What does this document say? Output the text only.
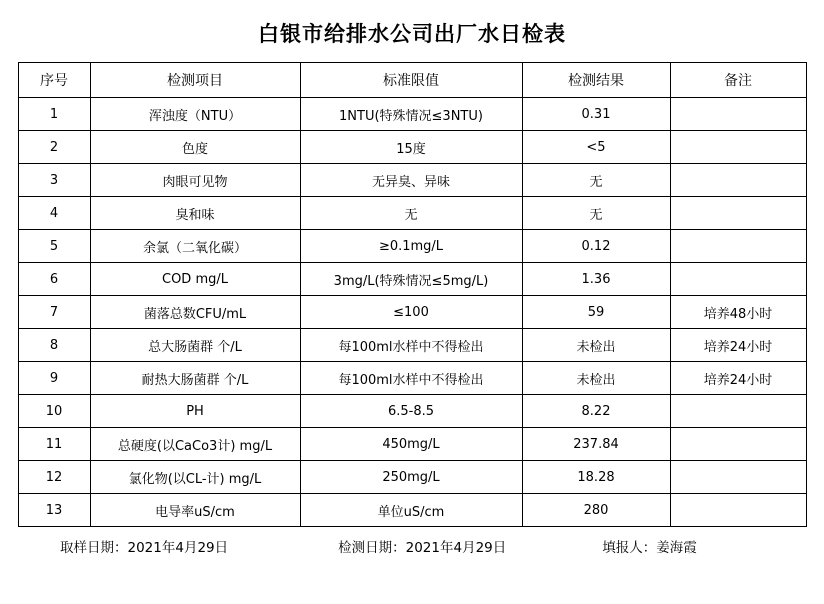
白银市给排水公司出厂水日检表
序号	检测项目	标准限值	检测结果	备注
1	浑浊度（NTU）	1NTU(特殊情况≤3NTU)	0.31	
2	色度	15度	<5	
3	肉眼可见物	无异臭、异味	无	
4	臭和味	无	无	
5	余氯（二氧化碳）	≥0.1mg/L	0.12	
6	COD mg/L	3mg/L(特殊情况≤5mg/L)	1.36	
7	菌落总数CFU/mL	≤100	59	培养48小时
8	总大肠菌群 个/L	每100ml水样中不得检出	未检出	培养24小时
9	耐热大肠菌群 个/L	每100ml水样中不得检出	未检出	培养24小时
10	PH	6.5-8.5	8.22	
11	总硬度(以CaCo3计) mg/L	450mg/L	237.84	
12	氯化物(以CL-计) mg/L	250mg/L	18.28	
13	电导率uS/cm	单位uS/cm	280	
取样日期：2021年4月29日	检测日期：2021年4月29日	填报人：姜海霞
